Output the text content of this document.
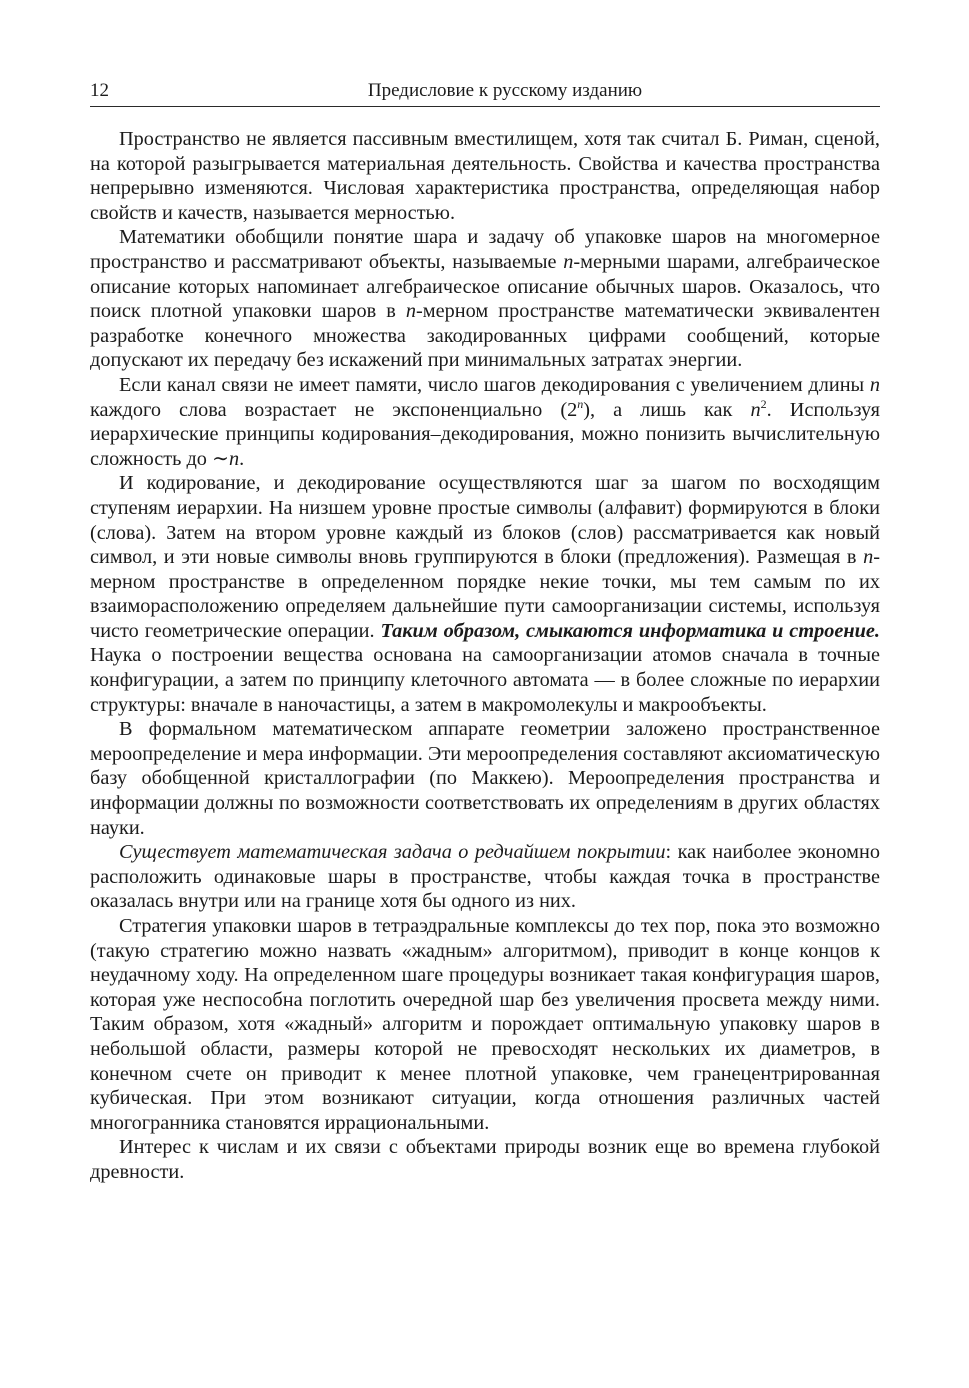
12	Предисловие к русскому изданию

Пространство не является пассивным вместилищем, хотя так считал Б. Риман, сценой, на которой разыгрывается материальная деятельность. Свойства и качества пространства непрерывно изменяются. Числовая характеристика пространства, определяющая набор свойств и качеств, называется мерностью.

Математики обобщили понятие шара и задачу об упаковке шаров на многомерное пространство и рассматривают объекты, называемые n-мерными шарами, алгебраическое описание которых напоминает алгебраическое описание обычных шаров. Оказалось, что поиск плотной упаковки шаров в n-мерном пространстве математически эквивалентен разработке конечного множества закодированных цифрами сообщений, которые допускают их передачу без искажений при минимальных затратах энергии.

Если канал связи не имеет памяти, число шагов декодирования с увеличением длины n каждого слова возрастает не экспоненциально (2$^n$), а лишь как $n^2$. Используя иерархические принципы кодирования–декодирования, можно понизить вычислительную сложность до ∼n.

И кодирование, и декодирование осуществляются шаг за шагом по восходящим ступеням иерархии. На низшем уровне простые символы (алфавит) формируются в блоки (слова). Затем на втором уровне каждый из блоков (слов) рассматривается как новый символ, и эти новые символы вновь группируются в блоки (предложения). Размещая в n-мерном пространстве в определенном порядке некие точки, мы тем самым по их взаиморасположению определяем дальнейшие пути самоорганизации системы, используя чисто геометрические операции. Таким образом, смыкаются информатика и строение. Наука о построении вещества основана на самоорганизации атомов сначала в точные конфигурации, а затем по принципу клеточного автомата — в более сложные по иерархии структуры: вначале в наночастицы, а затем в макромолекулы и макрообъекты.

В формальном математическом аппарате геометрии заложено пространственное мероопределение и мера информации. Эти мероопределения составляют аксиоматическую базу обобщенной кристаллографии (по Маккею). Мероопределения пространства и информации должны по возможности соответствовать их определениям в других областях науки.

Существует математическая задача о редчайшем покрытии: как наиболее экономно расположить одинаковые шары в пространстве, чтобы каждая точка в пространстве оказалась внутри или на границе хотя бы одного из них.

Стратегия упаковки шаров в тетраэдральные комплексы до тех пор, пока это возможно (такую стратегию можно назвать «жадным» алгоритмом), приводит в конце концов к неудачному ходу. На определенном шаге процедуры возникает такая конфигурация шаров, которая уже неспособна поглотить очередной шар без увеличения просвета между ними. Таким образом, хотя «жадный» алгоритм и порождает оптимальную упаковку шаров в небольшой области, размеры которой не превосходят нескольких их диаметров, в конечном счете он приводит к менее плотной упаковке, чем гранецентрированная кубическая. При этом возникают ситуации, когда отношения различных частей многогранника становятся иррациональными.

Интерес к числам и их связи с объектами природы возник еще во времена глубокой древности.
